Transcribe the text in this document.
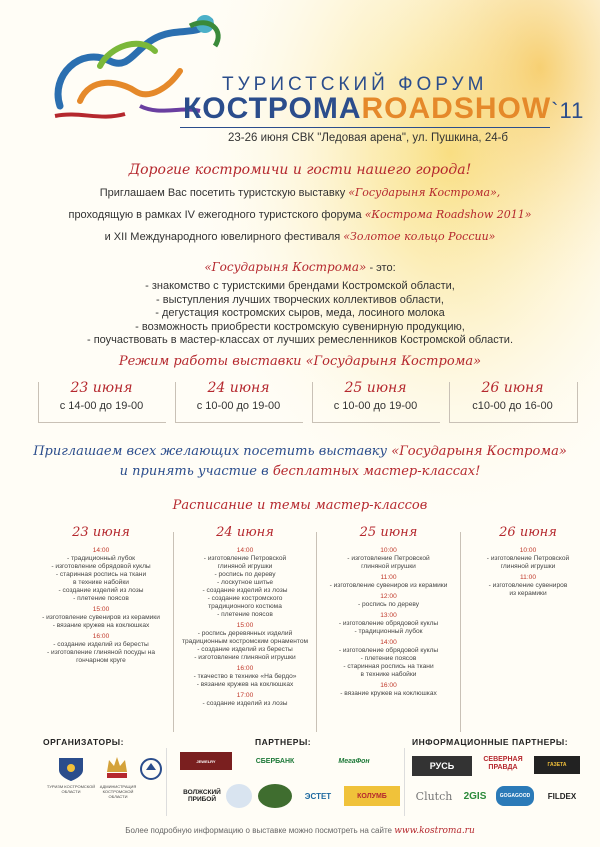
ТУРИСТСКИЙ ФОРУМ
КОСТРОМАROADSHOW`11
23-26 июня СВК "Ледовая арена", ул. Пушкина, 24-б
Дорогие костромичи и гости нашего города!
Приглашаем Вас посетить туристскую выставку «Государыня Кострома»,
проходящую в рамках IV ежегодного туристского форума «Кострома Roadshow 2011»
и XII Международного ювелирного фестиваля «Золотое кольцо России»
«Государыня Кострома» - это:
- знакомство с туристскими брендами Костромской области,
- выступления лучших творческих коллективов области,
- дегустация костромских сыров, меда, лосиного молока
- возможность приобрести костромскую сувенирную продукцию,
- поучаствовать в мастер-классах от лучших ремесленников Костромской области.
Режим работы выставки «Государыня Кострома»
23 июня
с 14-00 до 19-00
24 июня
с 10-00 до 19-00
25 июня
с 10-00 до 19-00
26 июня
с10-00 до 16-00
Приглашаем всех желающих посетить выставку «Государыня Кострома»
и принять участие в бесплатных мастер-классах!
Расписание и темы мастер-классов
23 июня
14:00
- традиционный лубок
- изготовление обрядовой куклы
- старинная роспись на ткани
в технике набойки
- создание изделий из лозы
- плетение поясов
15:00
- изготовление сувениров из керамики
- вязание кружев на коклюшках
16:00
- создание изделий из бересты
- изготовление глиняной посуды на
гончарном круге
24 июня
14:00
- изготовление Петровской
глиняной игрушки
- роспись по дереву
- лоскутное шитье
- создание изделий из лозы
- создание костромского
традиционного костюма
- плетение поясов
15:00
- роспись деревянных изделий
традиционным костромским орнаментом
- создание изделий из бересты
- изготовление глиняной игрушки
16:00
- ткачество в технике «На бердо»
- вязание кружев на коклюшках
17:00
- создание изделий из лозы
25 июня
10:00
- изготовление Петровской
глиняной игрушки
11:00
- изготовление сувениров из керамики
12:00
- роспись по дереву
13:00
- изготовление обрядовой куклы
- традиционный лубок
14:00
- изготовление обрядовой куклы
- плетение поясов
- старинная роспись на ткани
в технике набойки
16:00
- вязание кружев на коклюшках
26 июня
10:00
- изготовление Петровской
глиняной игрушки
11:00
- изготовление сувениров
из керамики
ОРГАНИЗАТОРЫ:	ПАРТНЕРЫ:	ИНФОРМАЦИОННЫЕ ПАРТНЕРЫ:
ТУРИЗМ КОСТРОМСКОЙ ОБЛАСТИ
АДМИНИСТРАЦИЯ КОСТРОМСКОЙ ОБЛАСТИ
JEWELRY	СБЕРБАНК	МегаФон
ВОЛЖСКИЙ ПРИБОЙ	ЭСТЕТ	КОЛУМБ
РУСЬ
СЕВЕРНАЯ ПРАВДА	ГАЗЕТА
Clutch	2GIS	GOGAGOOD	FILDEX
Более подробную информацию о выставке можно посмотреть на сайте www.kostroma.ru
